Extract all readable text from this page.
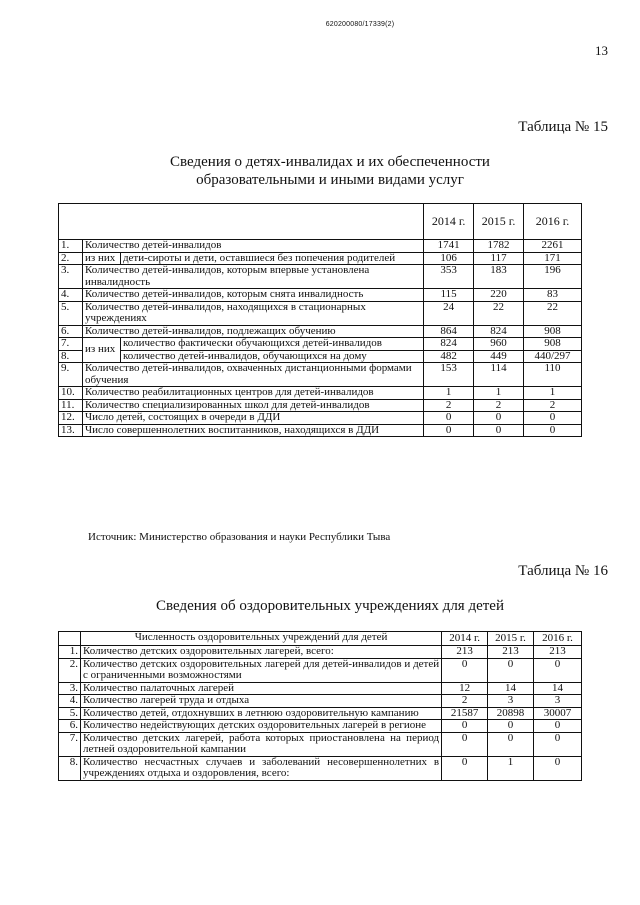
620200080/17339(2)
13
Таблица № 15
Сведения о детях-инвалидах и их обеспеченности
образовательными и иными видами услуг
			2014 г.	2015 г.	2016 г.
1.	Количество детей-инвалидов		1741	1782	2261
2.	из них	дети-сироты и дети, оставшиеся без попечения родителей	106	117	171
3.	Количество детей-инвалидов, которым впервые установлена инвалидность		353	183	196
4.	Количество детей-инвалидов, которым снята инвалидность		115	220	83
5.	Количество детей-инвалидов, находящихся в стационарных учреждениях		24	22	22
6.	Количество детей-инвалидов, подлежащих обучению		864	824	908
7.	из них	количество фактически обучающихся детей-инвалидов	824	960	908
8.		количество детей-инвалидов, обучающихся на дому	482	449	440/297
9.	Количество детей-инвалидов, охваченных дистанционными формами обучения		153	114	110
10.	Количество реабилитационных центров для детей-инвалидов		1	1	1
11.	Количество специализированных школ для детей-инвалидов		2	2	2
12.	Число детей, состоящих в очереди в ДДИ		0	0	0
13.	Число совершеннолетних воспитанников, находящихся в ДДИ		0	0	0
Источник: Министерство образования и науки Республики Тыва
Таблица № 16
Сведения об оздоровительных учреждениях для детей
	Численность оздоровительных учреждений для детей	2014 г.	2015 г.	2016 г.
1.	Количество детских оздоровительных лагерей, всего:	213	213	213
2.	Количество детских оздоровительных лагерей для детей-инвалидов и детей с ограниченными возможностями	0	0	0
3.	Количество палаточных лагерей	12	14	14
4.	Количество лагерей труда и отдыха	2	3	3
5.	Количество детей, отдохнувших в летнюю оздоровительную кампанию	21587	20898	30007
6.	Количество недействующих детских оздоровительных лагерей в регионе	0	0	0
7.	Количество детских лагерей, работа которых приостановлена на период летней оздоровительной кампании	0	0	0
8.	Количество несчастных случаев и заболеваний несовершеннолетних в учреждениях отдыха и оздоровления, всего:	0	1	0
